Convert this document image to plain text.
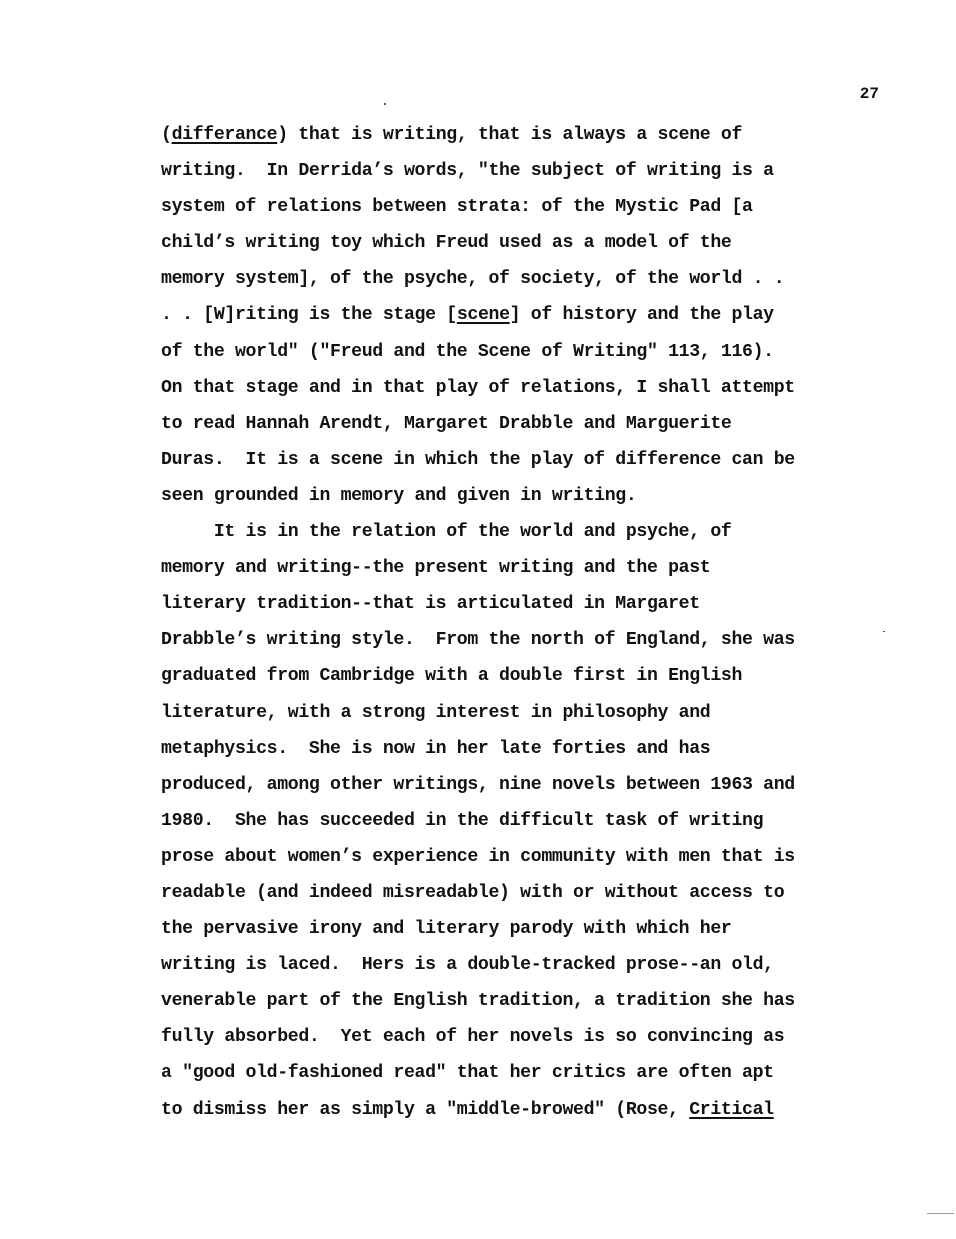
27
(differance) that is writing, that is always a scene of
writing.  In Derrida’s words, "the subject of writing is a
system of relations between strata: of the Mystic Pad [a
child’s writing toy which Freud used as a model of the
memory system], of the psyche, of society, of the world . .
. . [W]riting is the stage [scene] of history and the play
of the world" ("Freud and the Scene of Writing" 113, 116).
On that stage and in that play of relations, I shall attempt
to read Hannah Arendt, Margaret Drabble and Marguerite
Duras.  It is a scene in which the play of difference can be
seen grounded in memory and given in writing.
It is in the relation of the world and psyche, of
memory and writing--the present writing and the past
literary tradition--that is articulated in Margaret
Drabble’s writing style.  From the north of England, she was
graduated from Cambridge with a double first in English
literature, with a strong interest in philosophy and
metaphysics.  She is now in her late forties and has
produced, among other writings, nine novels between 1963 and
1980.  She has succeeded in the difficult task of writing
prose about women’s experience in community with men that is
readable (and indeed misreadable) with or without access to
the pervasive irony and literary parody with which her
writing is laced.  Hers is a double-tracked prose--an old,
venerable part of the English tradition, a tradition she has
fully absorbed.  Yet each of her novels is so convincing as
a "good old-fashioned read" that her critics are often apt
to dismiss her as simply a "middle-browed" (Rose, Critical
